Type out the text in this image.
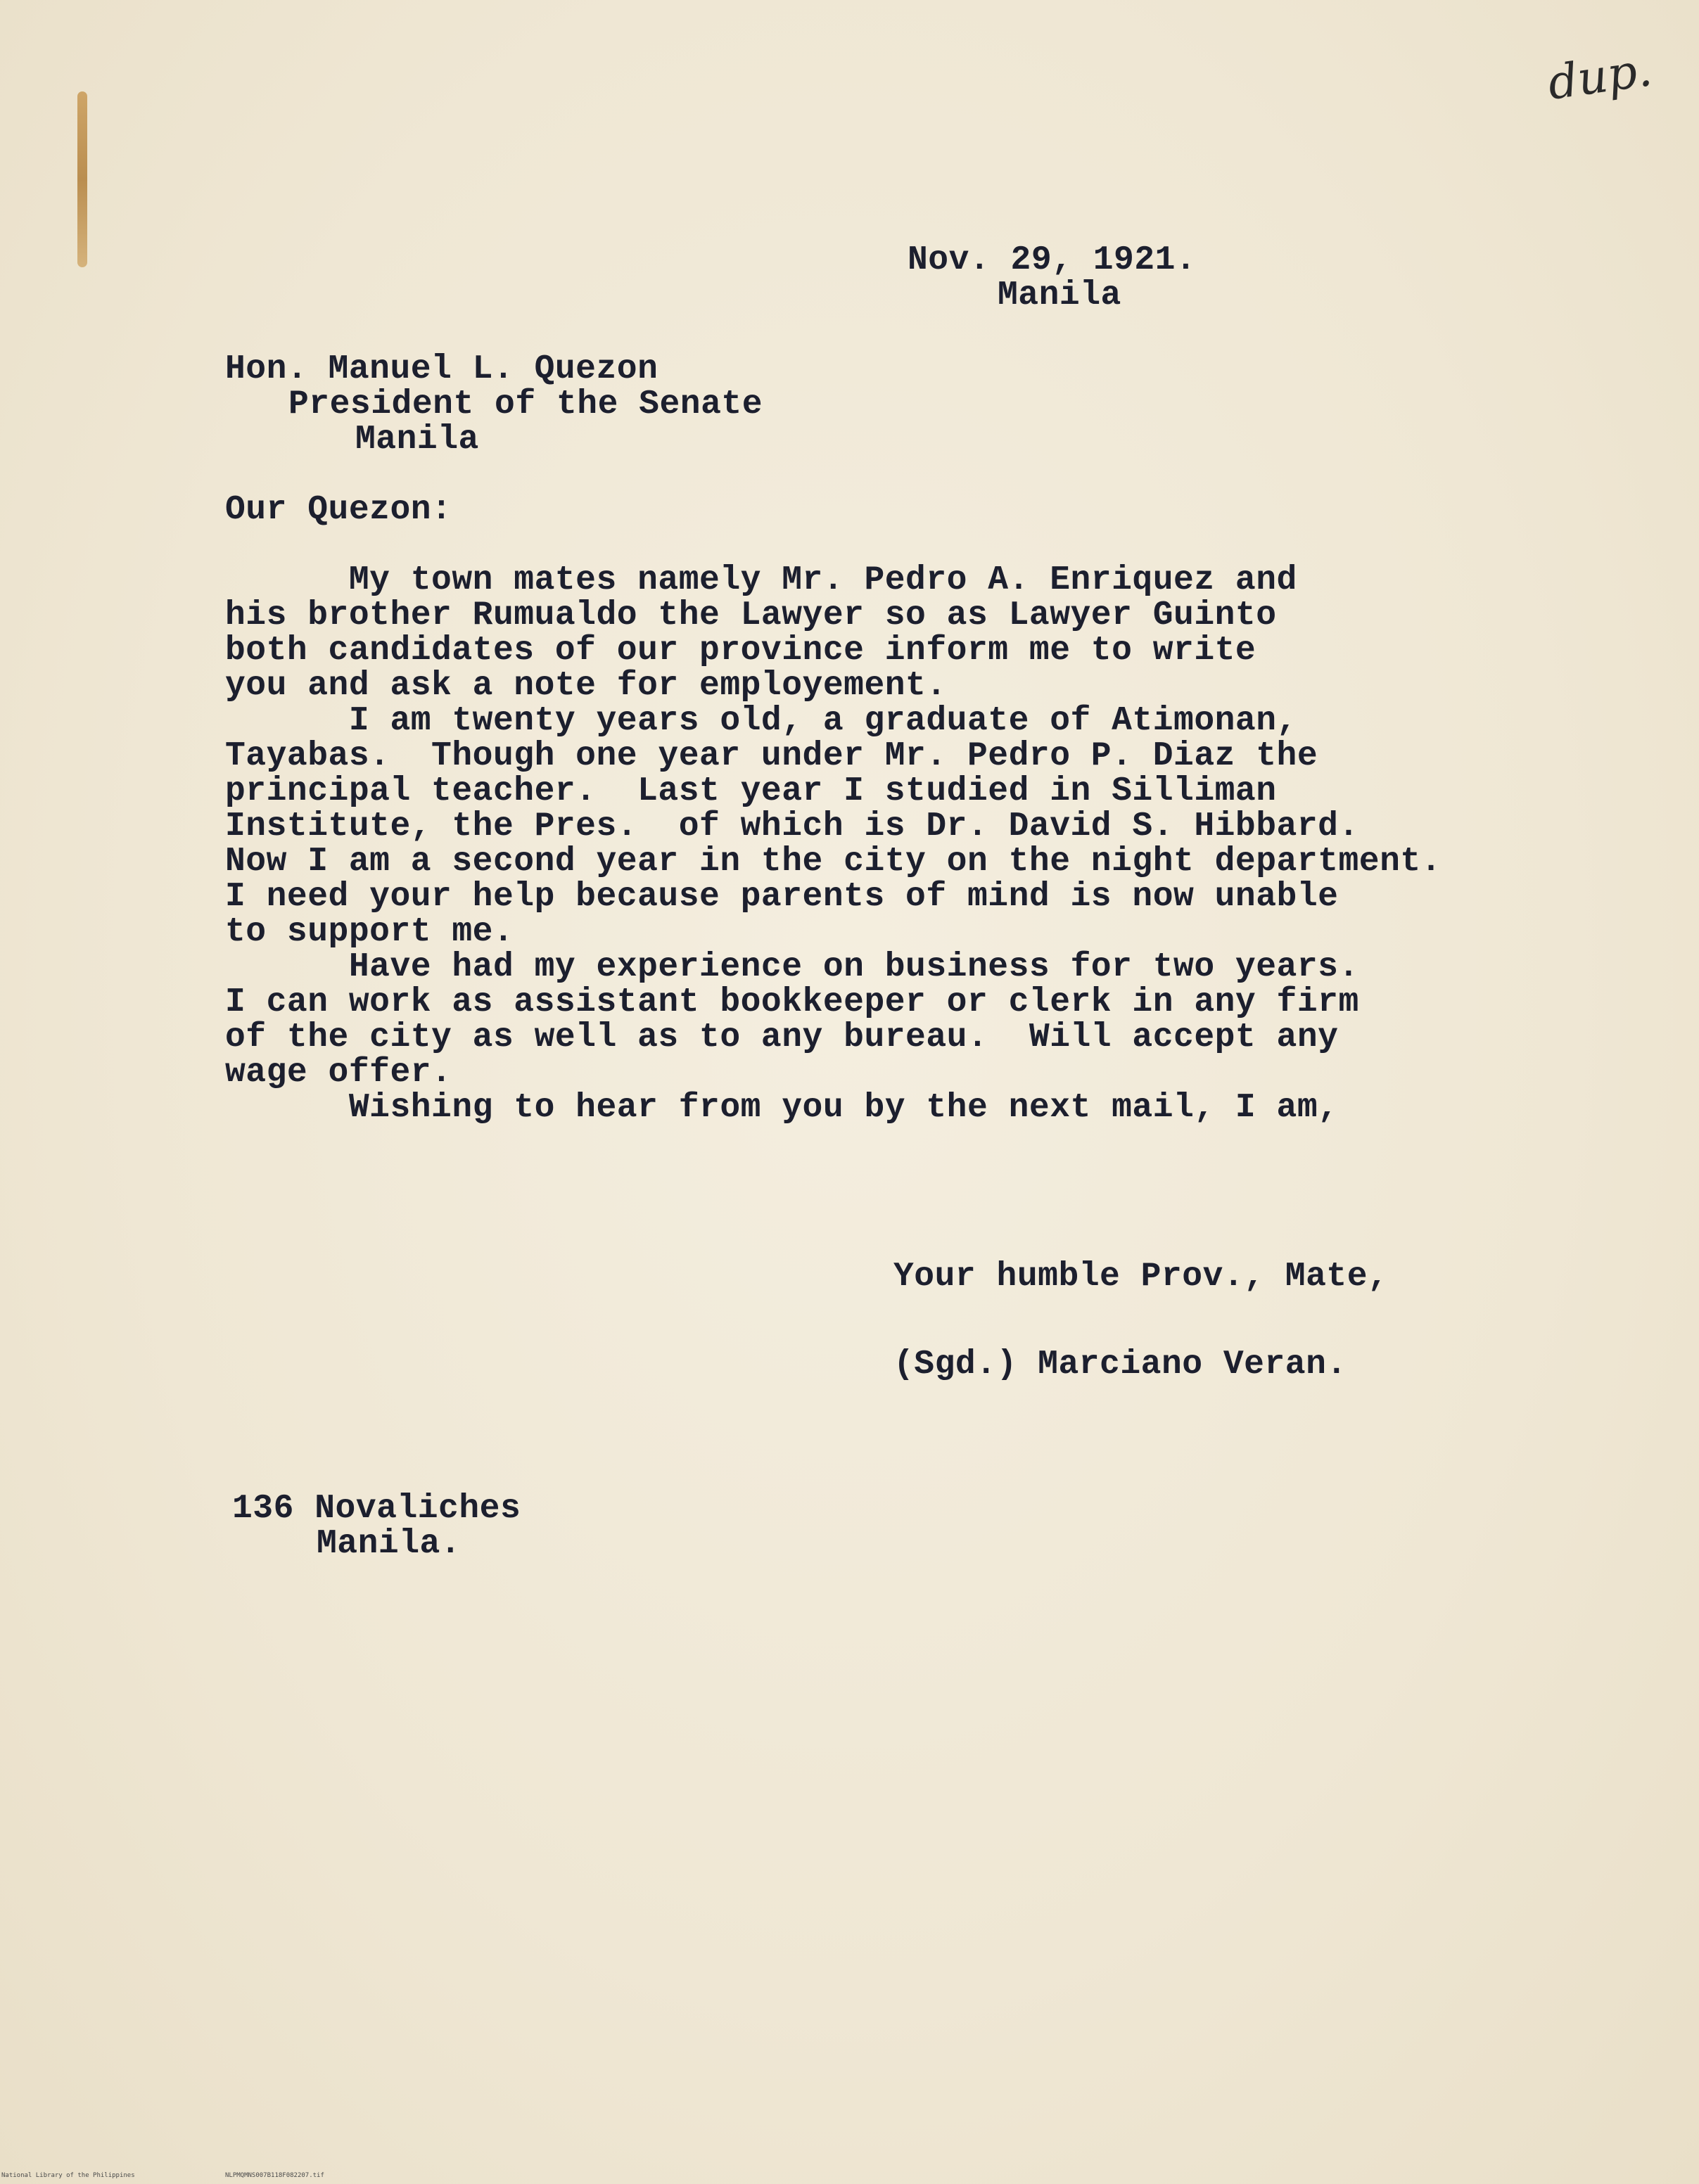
dup.
Nov. 29, 1921.
Manila
Hon. Manuel L. Quezon
President of the Senate
Manila
Our Quezon:
My town mates namely Mr. Pedro A. Enriquez and
his brother Rumualdo the Lawyer so as Lawyer Guinto
both candidates of our province inform me to write
you and ask a note for employement.
I am twenty years old, a graduate of Atimonan,
Tayabas.  Though one year under Mr. Pedro P. Diaz the
principal teacher.  Last year I studied in Silliman
Institute, the Pres.  of which is Dr. David S. Hibbard.
Now I am a second year in the city on the night department.
I need your help because parents of mind is now unable
to support me.
Have had my experience on business for two years.
I can work as assistant bookkeeper or clerk in any firm
of the city as well as to any bureau.  Will accept any
wage offer.
Wishing to hear from you by the next mail, I am,
Your humble Prov., Mate,
(Sgd.) Marciano Veran.
136 Novaliches
Manila.
National Library of the Philippines	NLPMQMNS007B118F082207.tif
